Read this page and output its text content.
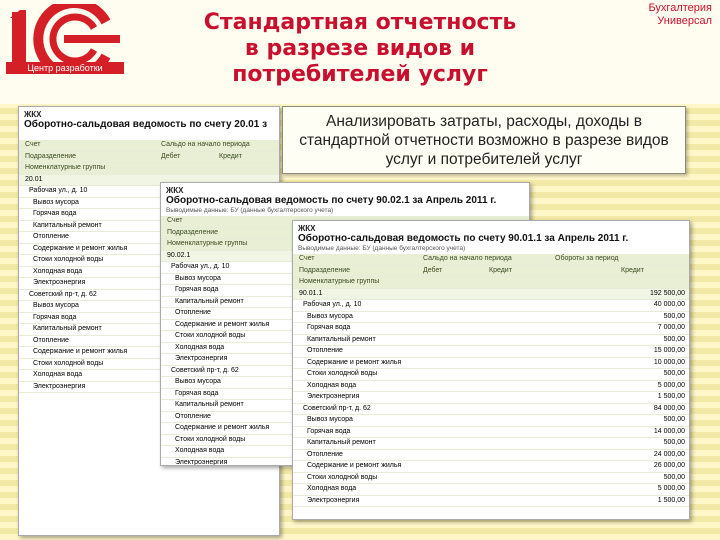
Центр разработки
Стандартная отчетность
в разрезе видов и
потребителей услуг
Бухгалтерия
Универсал
Анализировать затраты, расходы, доходы в стандартной отчетности возможно в разрезе видов услуг и потребителей услуг
ЖКХ
Оборотно-сальдовая ведомость по счету 20.01 з

Счет	Сальдо на начало периода
Подразделение	Дебет	Кредит
Номенклатурные группы
20.01
Рабочая ул., д. 10
Вывоз мусора
Горячая вода
Капитальный ремонт
Отопление
Содержание и ремонт жилья
Стоки холодной воды
Холодная вода
Электроэнергия
Советский пр-т, д. 62
Вывоз мусора
Горячая вода
Капитальный ремонт
Отопление
Содержание и ремонт жилья
Стоки холодной воды
Холодная вода
Электроэнергия
ЖКХ
Оборотно-сальдовая ведомость по счету 90.02.1 за Апрель 2011 г.
Выводимые данные: БУ (данные бухгалтерского учета)
Счет
Подразделение
Номенклатурные группы
90.02.1
Рабочая ул., д. 10
Вывоз мусора
Горячая вода
Капитальный ремонт
Отопление
Содержание и ремонт жилья
Стоки холодной воды
Холодная вода
Электроэнергия
Советский пр-т, д. 62
Вывоз мусора
Горячая вода
Капитальный ремонт
Отопление
Содержание и ремонт жилья
Стоки холодной воды
Холодная вода
Электроэнергия
ЖКХ
Оборотно-сальдовая ведомость по счету 90.01.1 за Апрель 2011 г.
Выводимые данные: БУ (данные бухгалтерского учета)
Счет	Сальдо на начало периода	Обороты за период
Подразделение	Дебет	Кредит	Кредит
Номенклатурные группы
90.01.1	192 500,00
Рабочая ул., д. 10	40 000,00
Вывоз мусора	500,00
Горячая вода	7 000,00
Капитальный ремонт	500,00
Отопление	15 000,00
Содержание и ремонт жилья	10 000,00
Стоки холодной воды	500,00
Холодная вода	5 000,00
Электроэнергия	1 500,00
Советский пр-т, д. 62	84 000,00
Вывоз мусора	500,00
Горячая вода	14 000,00
Капитальный ремонт	500,00
Отопление	24 000,00
Содержание и ремонт жилья	26 000,00
Стоки холодной воды	500,00
Холодная вода	5 000,00
Электроэнергия	1 500,00
